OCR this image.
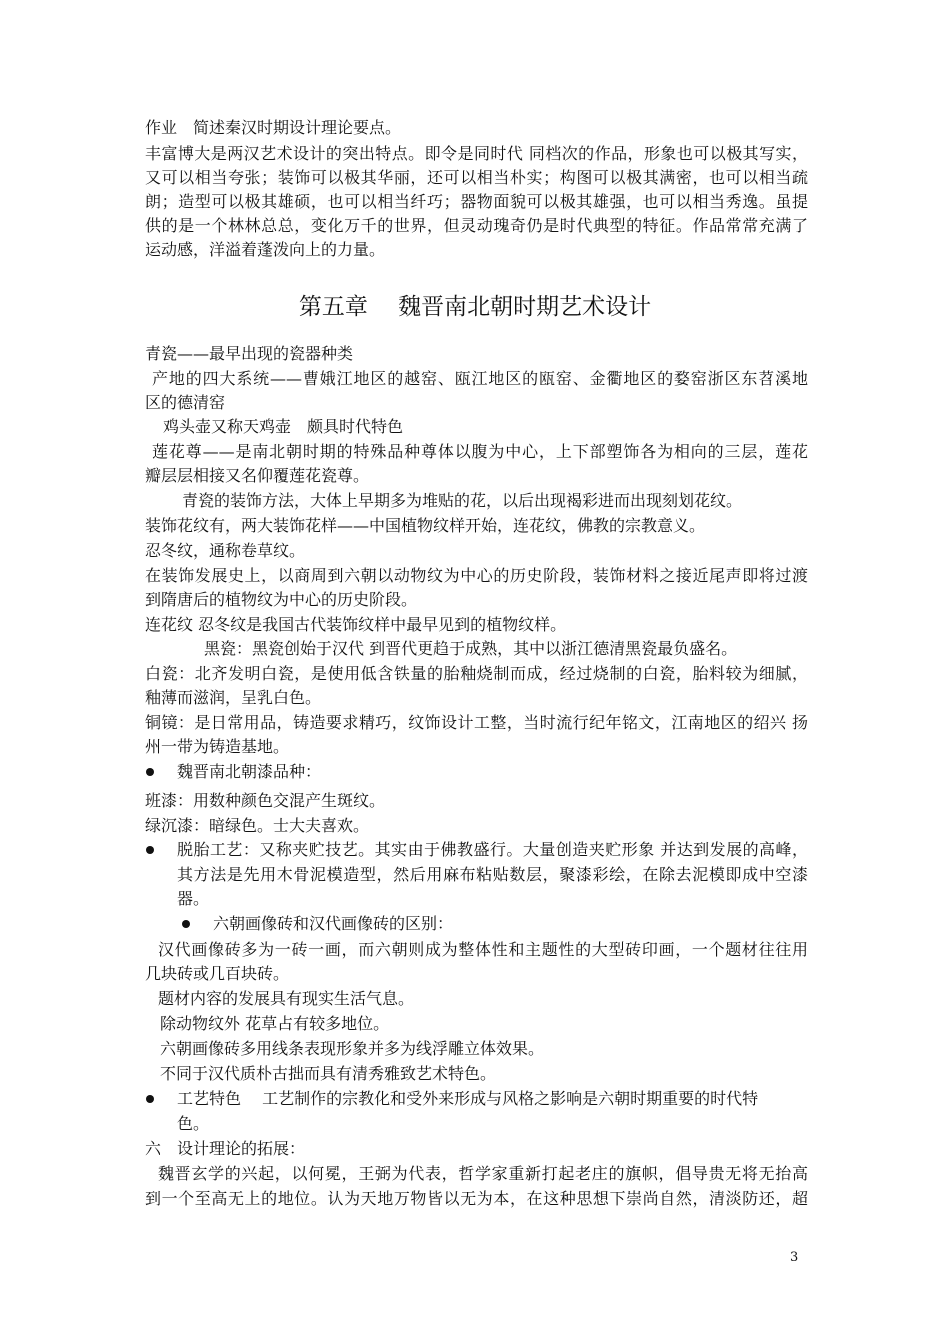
作业　简述秦汉时期设计理论要点。
丰富博大是两汉艺术设计的突出特点。即令是同时代 同档次的作品，形象也可以极其写实，
又可以相当夸张；装饰可以极其华丽，还可以相当朴实；构图可以极其满密，也可以相当疏
朗；造型可以极其雄硕，也可以相当纤巧；器物面貌可以极其雄强，也可以相当秀逸。虽提
供的是一个林林总总，变化万千的世界，但灵动瑰奇仍是时代典型的特征。作品常常充满了
运动感，洋溢着蓬泼向上的力量。
第五章　 魏晋南北朝时期艺术设计
青瓷——最早出现的瓷器种类
产地的四大系统——曹娥江地区的越窑、瓯江地区的瓯窑、金衢地区的婺窑浙区东苕溪地
区的德清窑
鸡头壶又称天鸡壶　颇具时代特色
莲花尊——是南北朝时期的特殊品种尊体以腹为中心，上下部塑饰各为相向的三层，莲花
瓣层层相接又名仰覆莲花瓷尊。
青瓷的装饰方法，大体上早期多为堆贴的花，以后出现褐彩进而出现刻划花纹。
装饰花纹有，两大装饰花样——中国植物纹样开始，连花纹，佛教的宗教意义。
忍冬纹，通称卷草纹。
在装饰发展史上，以商周到六朝以动物纹为中心的历史阶段，装饰材料之接近尾声即将过渡
到隋唐后的植物纹为中心的历史阶段。
连花纹 忍冬纹是我国古代装饰纹样中最早见到的植物纹样。
黑瓷：黑瓷创始于汉代 到晋代更趋于成熟，其中以浙江德清黑瓷最负盛名。
白瓷：北齐发明白瓷，是使用低含铁量的胎釉烧制而成，经过烧制的白瓷，胎料较为细腻，
釉薄而滋润，呈乳白色。
铜镜：是日常用品，铸造要求精巧，纹饰设计工整，当时流行纪年铭文，江南地区的绍兴 扬
州一带为铸造基地。
魏晋南北朝漆品种：
班漆：用数种颜色交混产生斑纹。
绿沉漆：暗绿色。士大夫喜欢。
脱胎工艺：又称夹贮技艺。其实由于佛教盛行。大量创造夹贮形象 并达到发展的高峰，
其方法是先用木骨泥模造型，然后用麻布粘贴数层，聚漆彩绘，在除去泥模即成中空漆
器。
六朝画像砖和汉代画像砖的区别：
汉代画像砖多为一砖一画，而六朝则成为整体性和主题性的大型砖印画，一个题材往往用
几块砖或几百块砖。
题材内容的发展具有现实生活气息。
除动物纹外 花草占有较多地位。
六朝画像砖多用线条表现形象并多为线浮雕立体效果。
不同于汉代质朴古拙而具有清秀雅致艺术特色。
工艺特色　 工艺制作的宗教化和受外来形成与风格之影响是六朝时期重要的时代特
色。
六　设计理论的拓展：
魏晋玄学的兴起，以何冕，王弼为代表，哲学家重新打起老庄的旗帜，倡导贵无将无抬高
到一个至高无上的地位。认为天地万物皆以无为本，在这种思想下崇尚自然，清淡防还，超
3
